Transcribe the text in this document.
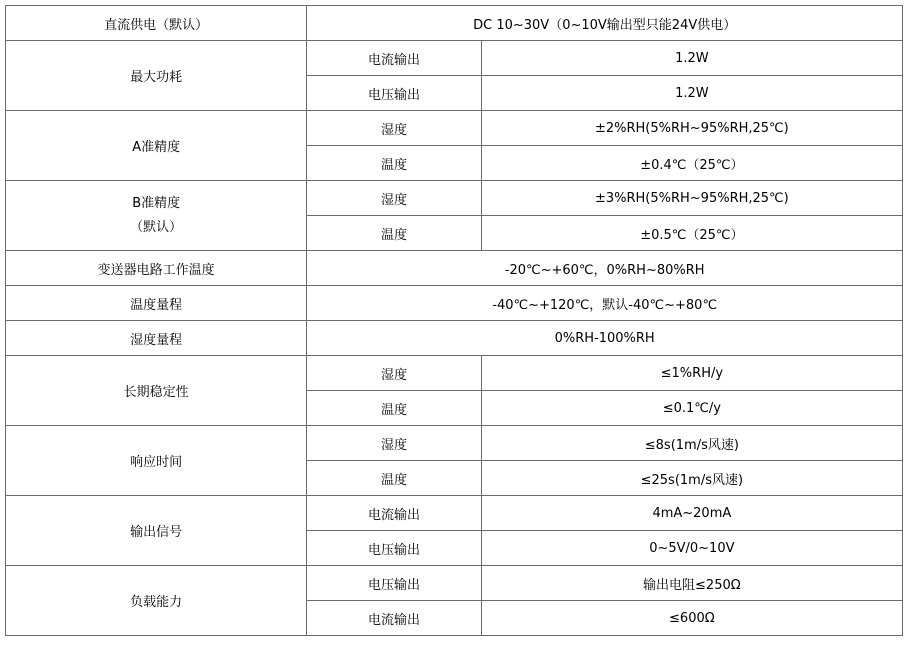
直流供电（默认）	DC 10~30V（0~10V输出型只能24V供电）	
最大功耗	电流输出	1.2W
	电压输出	1.2W
A准精度	湿度	±2%RH(5%RH~95%RH,25℃)
	温度	±0.4℃（25℃）

B准精度
（默认）	湿度	±3%RH(5%RH~95%RH,25℃)
	温度	±0.5℃（25℃）
变送器电路工作温度	-20℃~+60℃，0%RH~80%RH	
温度量程	-40℃~+120℃，默认-40℃~+80℃	
湿度量程	0%RH-100%RH	
长期稳定性	湿度	≤1%RH/y
	温度	≤0.1℃/y
响应时间	湿度	≤8s(1m/s风速)
	温度	≤25s(1m/s风速)
输出信号	电流输出	4mA~20mA
	电压输出	0~5V/0~10V
负载能力	电压输出	输出电阻≤250Ω
	电流输出	≤600Ω
